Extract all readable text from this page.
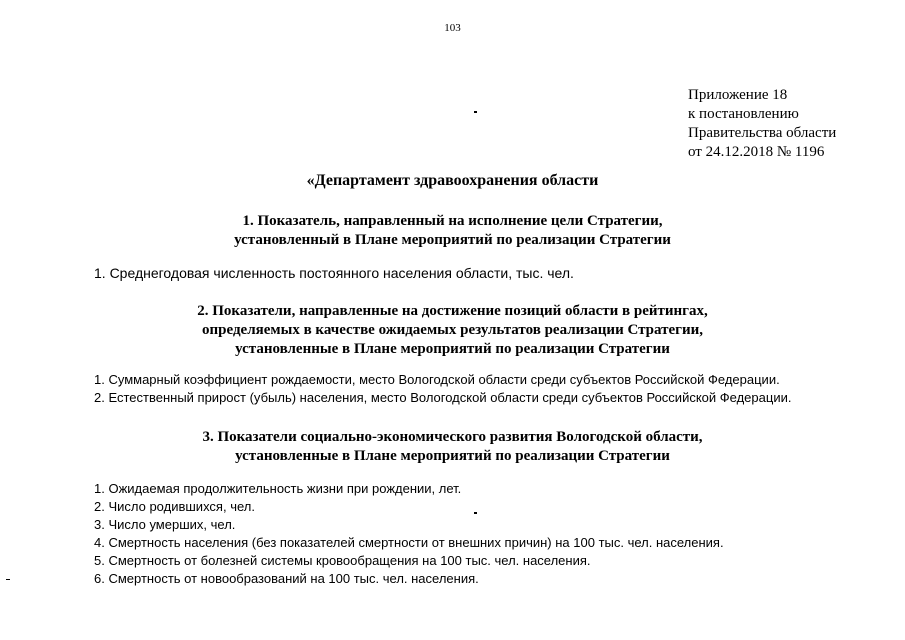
103
Приложение 18
к постановлению
Правительства области
от 24.12.2018 № 1196
«Департамент здравоохранения области
1. Показатель, направленный на исполнение цели Стратегии,
установленный в Плане мероприятий по реализации Стратегии
1. Среднегодовая численность постоянного населения области, тыс. чел.
2. Показатели, направленные на достижение позиций области в рейтингах,
определяемых в качестве ожидаемых результатов реализации Стратегии,
установленные в Плане мероприятий по реализации Стратегии
1. Суммарный коэффициент рождаемости, место Вологодской области среди субъектов Российской Федерации.
2. Естественный прирост (убыль) населения, место Вологодской области среди субъектов Российской Федерации.
3. Показатели социально-экономического развития Вологодской области,
установленные в Плане мероприятий по реализации Стратегии
1. Ожидаемая продолжительность жизни при рождении, лет.
2. Число родившихся, чел.
3. Число умерших, чел.
4. Смертность населения (без показателей смертности от внешних причин) на 100 тыс. чел. населения.
5. Смертность от болезней системы кровообращения на 100 тыс. чел. населения.
6. Смертность от новообразований на 100 тыс. чел. населения.
